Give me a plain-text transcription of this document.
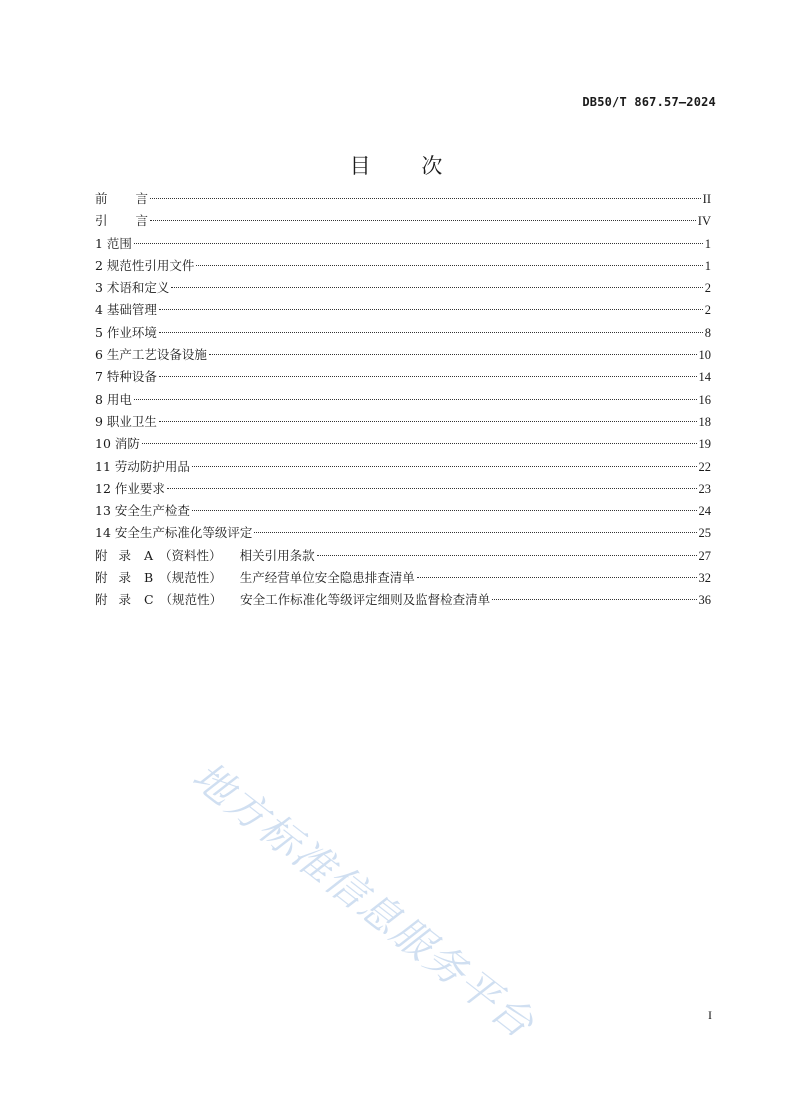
DB50/T 867.57—2024
目 次
前 言	II
引 言	IV
1 范围	1
2 规范性引用文件	1
3 术语和定义	2
4 基础管理	2
5 作业环境	8
6 生产工艺设备设施	10
7 特种设备	14
8 用电	16
9 职业卫生	18
10 消防	19
11 劳动防护用品	22
12 作业要求	23
13 安全生产检查	24
14 安全生产标准化等级评定	25
附录 A （资料性） 相关引用条款	27
附录 B （规范性） 生产经营单位安全隐患排查清单	32
附录 C （规范性） 安全工作标准化等级评定细则及监督检查清单	36
地方标准信息服务平台	I
